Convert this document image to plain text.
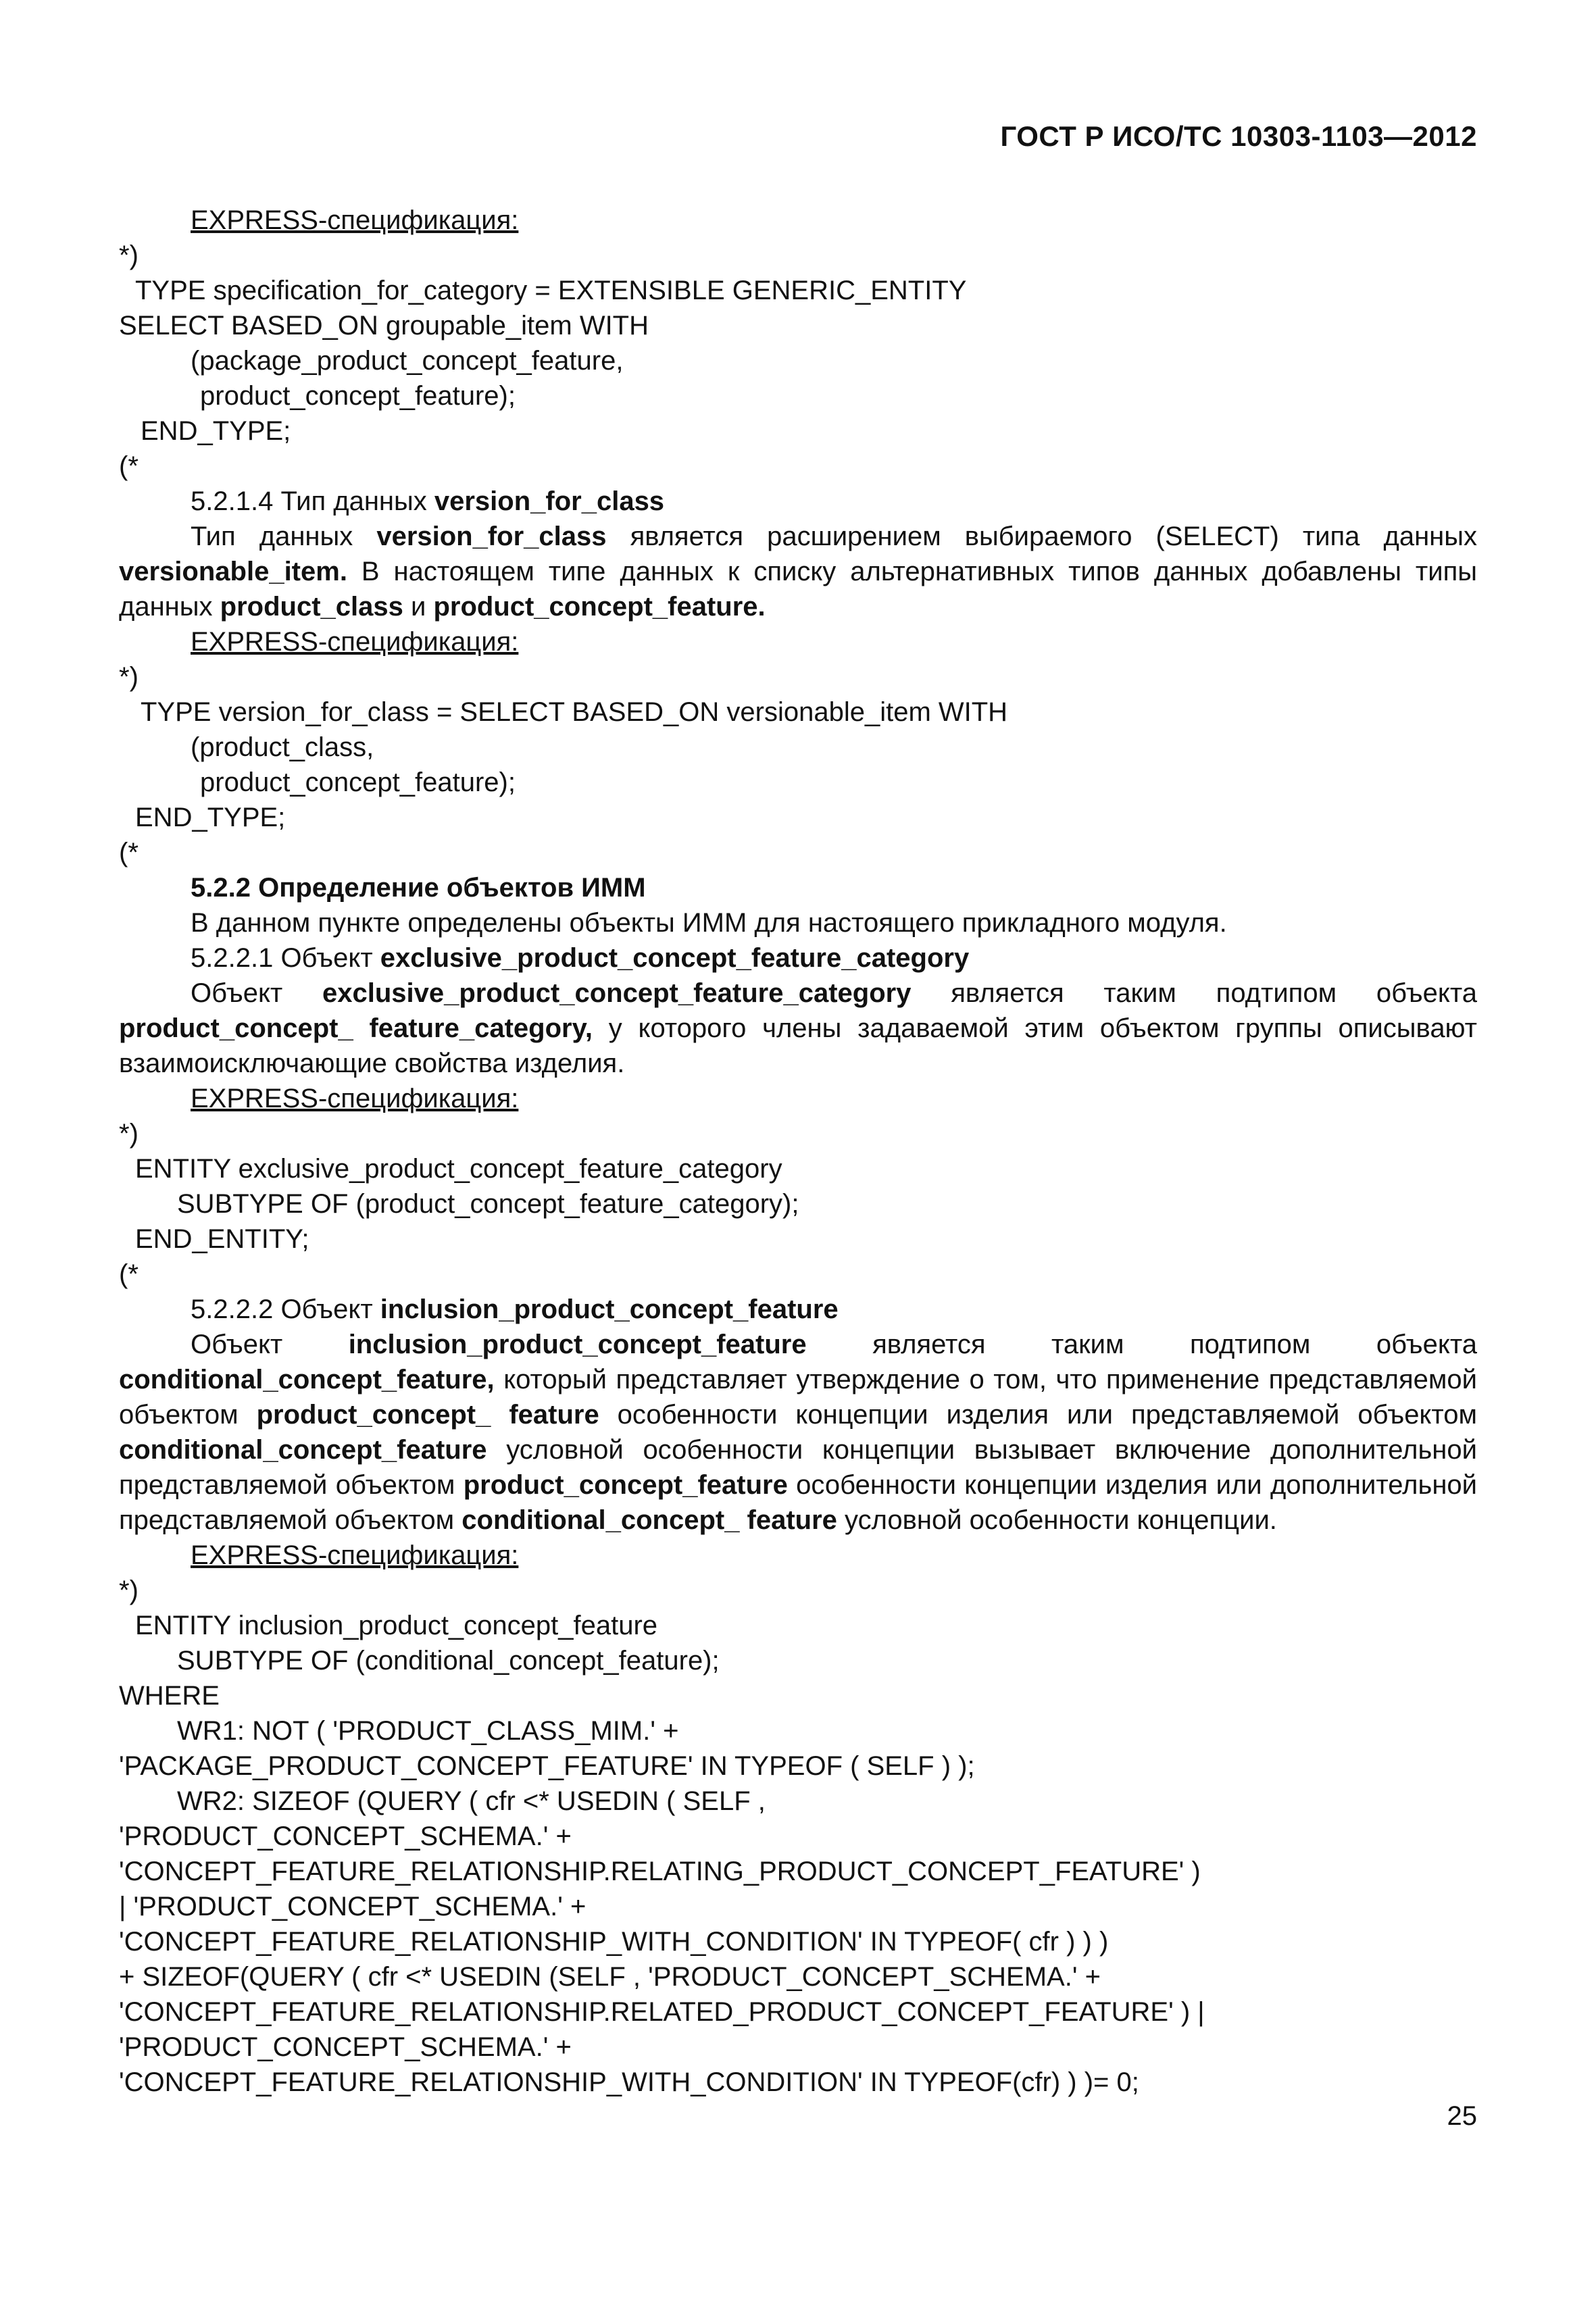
ГОСТ Р ИСО/ТС 10303-1103—2012
EXPRESS-спецификация:
*)
TYPE specification_for_category = EXTENSIBLE GENERIC_ENTITY
SELECT BASED_ON groupable_item WITH
(package_product_concept_feature,
product_concept_feature);
END_TYPE;
(*
5.2.1.4 Тип данных version_for_class
Тип данных version_for_class является расширением выбираемого (SELECT) типа данных versionable_item. В настоящем типе данных к списку альтернативных типов данных добавлены типы данных product_class и product_concept_feature.
EXPRESS-спецификация:
*)
TYPE version_for_class = SELECT BASED_ON versionable_item WITH
(product_class,
product_concept_feature);
END_TYPE;
(*
5.2.2 Определение объектов ИММ
В данном пункте определены объекты ИММ для настоящего прикладного модуля.
5.2.2.1 Объект exclusive_product_concept_feature_category
Объект exclusive_product_concept_feature_category является таким подтипом объекта product_concept_ feature_category, у которого члены задаваемой этим объектом группы описывают взаимоисключающие свойства изделия.
EXPRESS-спецификация:
*)
ENTITY exclusive_product_concept_feature_category
SUBTYPE OF (product_concept_feature_category);
END_ENTITY;
(*
5.2.2.2 Объект inclusion_product_concept_feature
Объект inclusion_product_concept_feature является таким подтипом объекта conditional_concept_feature, который представляет утверждение о том, что применение представляемой объектом product_concept_ feature особенности концепции изделия или представляемой объектом conditional_concept_feature условной особенности концепции вызывает включение дополнительной представляемой объектом product_concept_feature особенности концепции изделия или дополнительной представляемой объектом conditional_concept_ feature условной особенности концепции.
EXPRESS-спецификация:
*)
ENTITY inclusion_product_concept_feature
SUBTYPE OF (conditional_concept_feature);
WHERE
WR1: NOT ( 'PRODUCT_CLASS_MIM.' +
'PACKAGE_PRODUCT_CONCEPT_FEATURE' IN TYPEOF ( SELF ) );
WR2: SIZEOF (QUERY ( cfr <* USEDIN ( SELF ,
'PRODUCT_CONCEPT_SCHEMA.' +
'CONCEPT_FEATURE_RELATIONSHIP.RELATING_PRODUCT_CONCEPT_FEATURE' )
| 'PRODUCT_CONCEPT_SCHEMA.' +
'CONCEPT_FEATURE_RELATIONSHIP_WITH_CONDITION' IN TYPEOF( cfr ) ) )
+ SIZEOF(QUERY ( cfr <* USEDIN (SELF , 'PRODUCT_CONCEPT_SCHEMA.' +
'CONCEPT_FEATURE_RELATIONSHIP.RELATED_PRODUCT_CONCEPT_FEATURE' ) |
'PRODUCT_CONCEPT_SCHEMA.' +
'CONCEPT_FEATURE_RELATIONSHIP_WITH_CONDITION' IN TYPEOF(cfr) ) )= 0;
25
